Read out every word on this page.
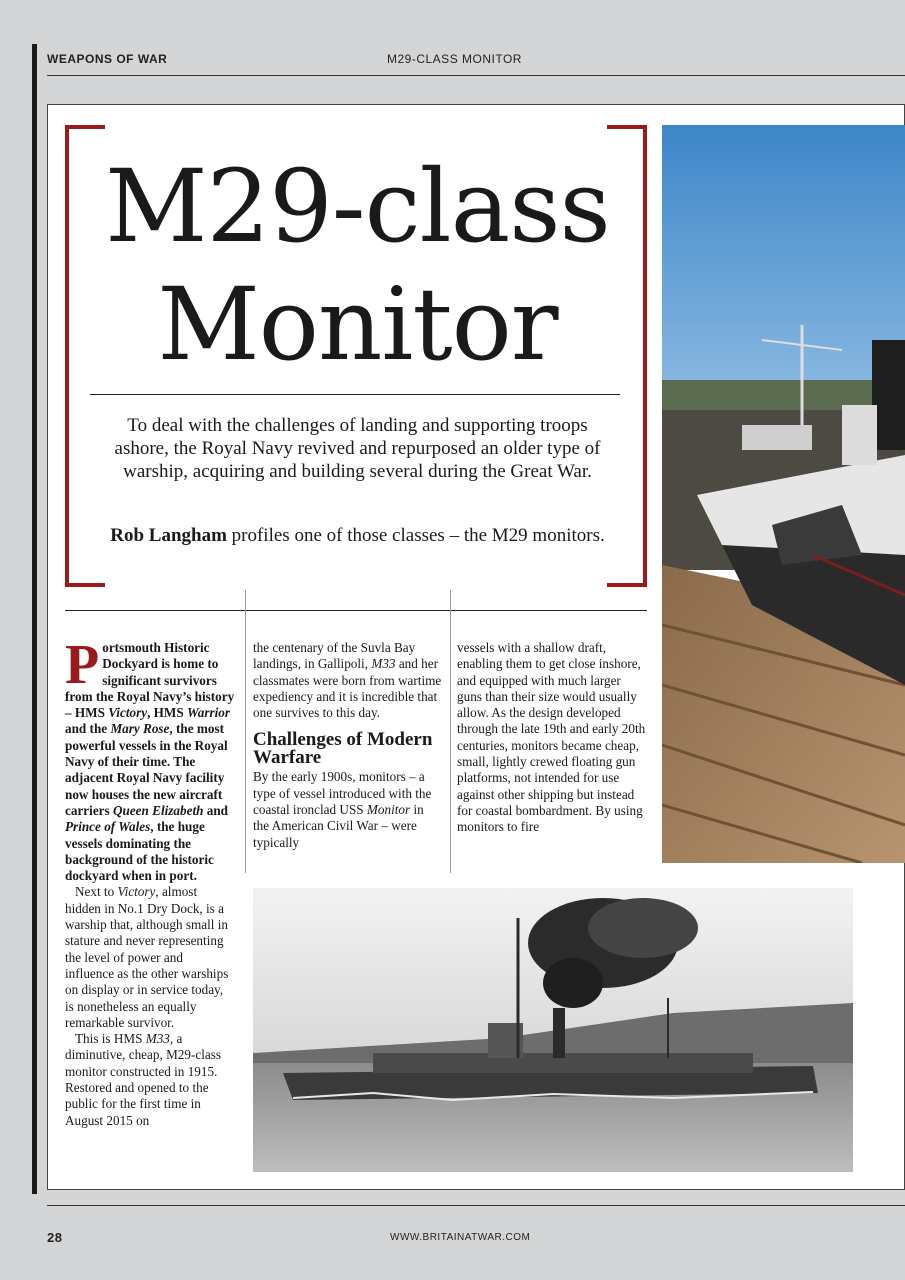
WEAPONS OF WAR	M29-CLASS MONITOR
M29-class
Monitor
To deal with the challenges of landing and supporting troops ashore, the Royal Navy revived and repurposed an older type of warship, acquiring and building several during the Great War.
Rob Langham profiles one of those classes – the M29 monitors.

Portsmouth Historic Dockyard is home to significant survivors from the Royal Navy’s history – HMS Victory, HMS Warrior and the Mary Rose, the most powerful vessels in the Royal Navy of their time. The adjacent Royal Navy facility now houses the new aircraft carriers Queen Elizabeth and Prince of Wales, the huge vessels dominating the background of the historic dockyard when in port.

Next to Victory, almost hidden in No.1 Dry Dock, is a warship that, although small in stature and never representing the level of power and influence as the other warships on display or in service today, is nonetheless an equally remarkable survivor.

This is HMS M33, a diminutive, cheap, M29-class monitor constructed in 1915. Restored and opened to the public for the first time in August 2015 on

the centenary of the Suvla Bay landings, in Gallipoli, M33 and her classmates were born from wartime expediency and it is incredible that one survives to this day.

Challenges of Modern Warfare

By the early 1900s, monitors – a type of vessel introduced with the coastal ironclad USS Monitor in the American Civil War – were typically

vessels with a shallow draft, enabling them to get close inshore, and equipped with much larger guns than their size would usually allow. As the design developed through the late 19th and early 20th centuries, monitors became cheap, small, lightly crewed floating gun platforms, not intended for use against other shipping but instead for coastal bombardment. By using monitors to fire

28	WWW.BRITAINATWAR.COM
